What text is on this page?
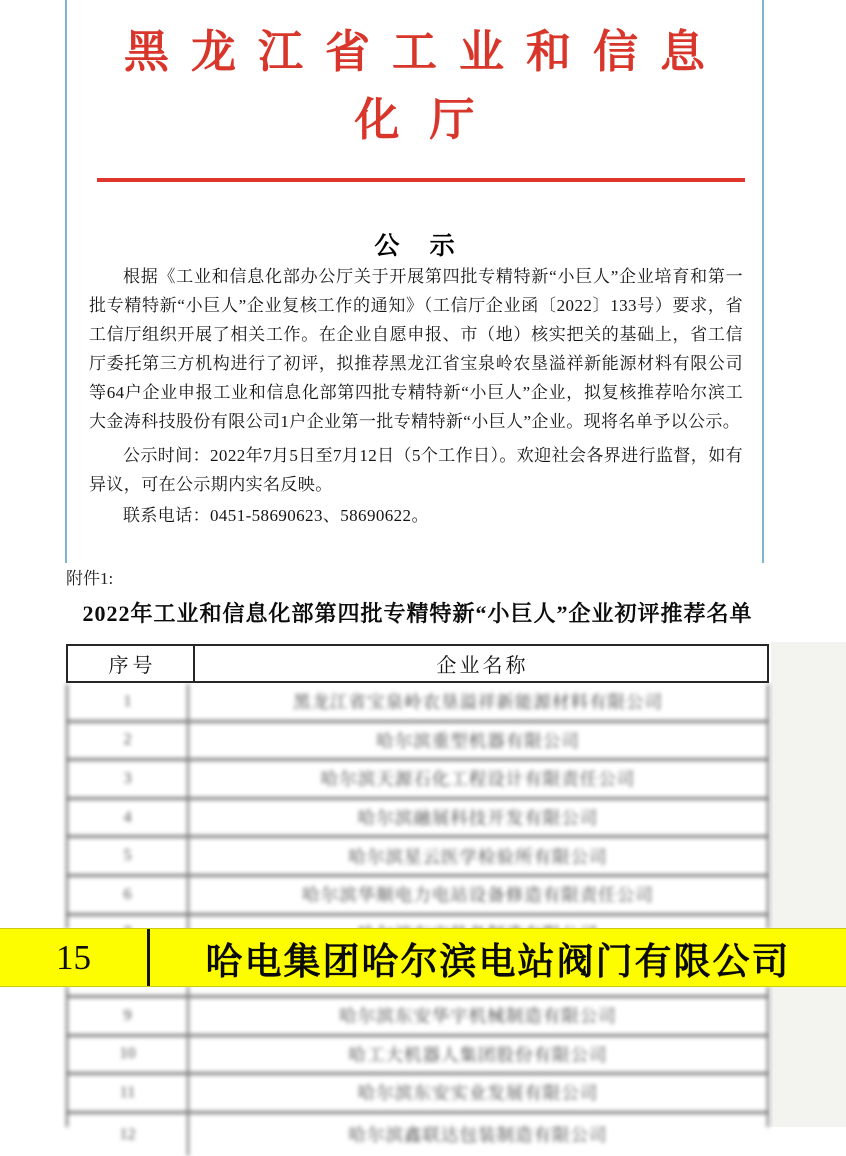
黑龙江省工业和信息
化厅
公 示

根据《工业和信息化部办公厅关于开展第四批专精特新“小巨人”企业培育和第一批专精特新“小巨人”企业复核工作的通知》（工信厅企业函〔2022〕133号）要求，省工信厅组织开展了相关工作。在企业自愿申报、市（地）核实把关的基础上，省工信厅委托第三方机构进行了初评，拟推荐黑龙江省宝泉岭农垦溢祥新能源材料有限公司等64户企业申报工业和信息化部第四批专精特新“小巨人”企业，拟复核推荐哈尔滨工大金涛科技股份有限公司1户企业第一批专精特新“小巨人”企业。现将名单予以公示。

公示时间：2022年7月5日至7月12日（5个工作日）。欢迎社会各界进行监督，如有异议，可在公示期内实名反映。

联系电话：0451-58690623、58690622。

附件1:
2022年工业和信息化部第四批专精特新“小巨人”企业初评推荐名单
序号	企业名称
1	黑龙江省宝泉岭农垦溢祥新能源材料有限公司
2	哈尔滨重型机器有限公司
3	哈尔滨天源石化工程设计有限责任公司
4	哈尔滨融展科技开发有限公司
5	哈尔滨星云医学检验所有限公司
6	哈尔滨华顺电力电站设备修造有限责任公司
15	哈电集团哈尔滨电站阀门有限公司
9	哈尔滨东安华宇机械制造有限公司
10	哈工大机器人集团股份有限公司
11	哈尔滨东安实业发展有限公司
12	哈尔滨鑫联达包装制造有限公司
